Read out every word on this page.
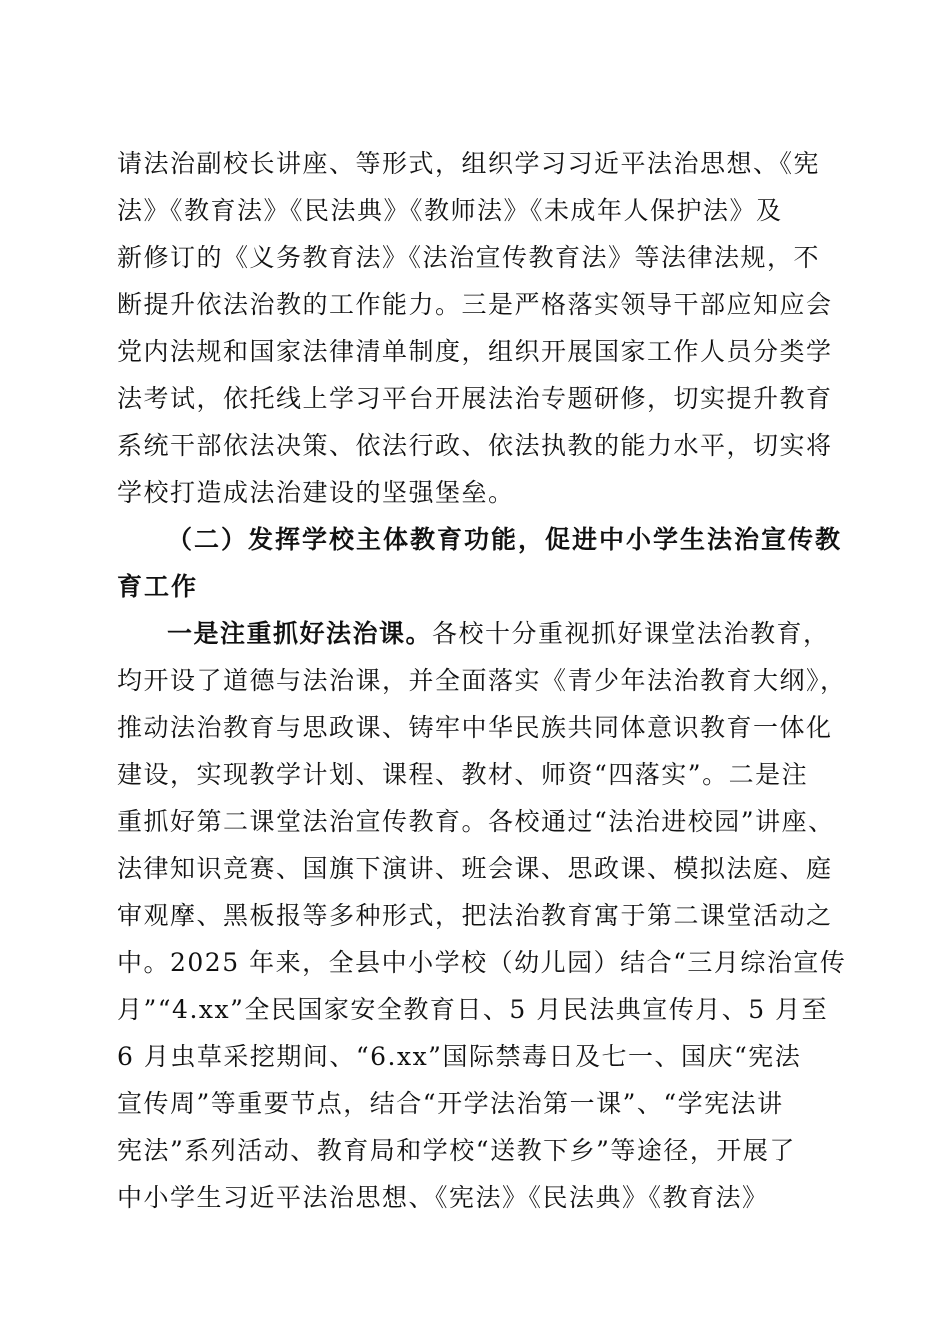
请法治副校长讲座、等形式，组织学习习近平法治思想、《宪
法》《教育法》《民法典》《教师法》《未成年人保护法》及
新修订的《义务教育法》《法治宣传教育法》等法律法规，不
断提升依法治教的工作能力。三是严格落实领导干部应知应会
党内法规和国家法律清单制度，组织开展国家工作人员分类学
法考试，依托线上学习平台开展法治专题研修，切实提升教育
系统干部依法决策、依法行政、依法执教的能力水平，切实将
学校打造成法治建设的坚强堡垒。
（二）发挥学校主体教育功能，促进中小学生法治宣传教
育工作
一是注重抓好法治课。各校十分重视抓好课堂法治教育，
均开设了道德与法治课，并全面落实《青少年法治教育大纲》，
推动法治教育与思政课、铸牢中华民族共同体意识教育一体化
建设，实现教学计划、课程、教材、师资“四落实”。二是注
重抓好第二课堂法治宣传教育。各校通过“法治进校园”讲座、
法律知识竞赛、国旗下演讲、班会课、思政课、模拟法庭、庭
审观摩、黑板报等多种形式，把法治教育寓于第二课堂活动之
中。2025 年来，全县中小学校（幼儿园）结合“三月综治宣传
月”“4.xx”全民国家安全教育日、5 月民法典宣传月、5 月至
6 月虫草采挖期间、“6.xx”国际禁毒日及七一、国庆“宪法
宣传周”等重要节点，结合“开学法治第一课”、“学宪法讲
宪法”系列活动、教育局和学校“送教下乡”等途径，开展了
中小学生习近平法治思想、《宪法》《民法典》《教育法》
